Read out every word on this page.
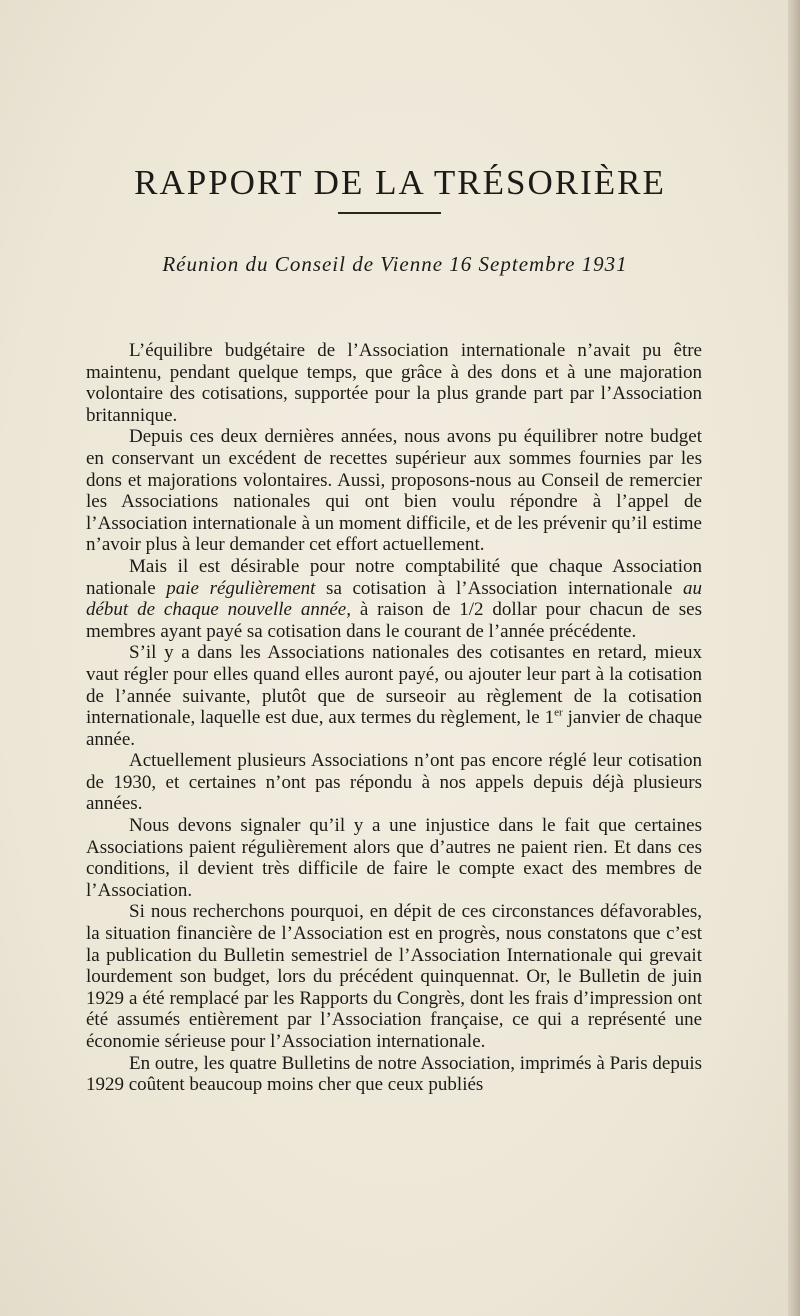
RAPPORT DE LA TRÉSORIÈRE
Réunion du Conseil de Vienne 16 Septembre 1931

L’équilibre budgétaire de l’Association internationale n’avait pu être maintenu, pendant quelque temps, que grâce à des dons et à une majoration volontaire des cotisations, supportée pour la plus grande part par l’Association britannique.

Depuis ces deux dernières années, nous avons pu équilibrer notre budget en conservant un excédent de recettes supérieur aux sommes fournies par les dons et majorations volontaires. Aussi, proposons-nous au Conseil de remercier les Associations nationales qui ont bien voulu répondre à l’appel de l’Association internationale à un moment difficile, et de les prévenir qu’il estime n’avoir plus à leur demander cet effort actuellement.

Mais il est désirable pour notre comptabilité que chaque Association nationale paie régulièrement sa cotisation à l’Association internationale au début de chaque nouvelle année, à raison de 1/2 dollar pour chacun de ses membres ayant payé sa cotisation dans le courant de l’année précédente.

S’il y a dans les Associations nationales des cotisantes en retard, mieux vaut régler pour elles quand elles auront payé, ou ajouter leur part à la cotisation de l’année suivante, plutôt que de surseoir au règlement de la cotisation internationale, laquelle est due, aux termes du règlement, le 1er janvier de chaque année.

Actuellement plusieurs Associations n’ont pas encore réglé leur cotisation de 1930, et certaines n’ont pas répondu à nos appels depuis déjà plusieurs années.

Nous devons signaler qu’il y a une injustice dans le fait que certaines Associations paient régulièrement alors que d’autres ne paient rien. Et dans ces conditions, il devient très difficile de faire le compte exact des membres de l’Association.

Si nous recherchons pourquoi, en dépit de ces circonstances défavorables, la situation financière de l’Association est en progrès, nous constatons que c’est la publication du Bulletin semestriel de l’Association Internationale qui grevait lourdement son budget, lors du précédent quinquennat. Or, le Bulletin de juin 1929 a été remplacé par les Rapports du Congrès, dont les frais d’impression ont été assumés entièrement par l’Association française, ce qui a représenté une économie sérieuse pour l’Association internationale.

En outre, les quatre Bulletins de notre Association, imprimés à Paris depuis 1929 coûtent beaucoup moins cher que ceux publiés
